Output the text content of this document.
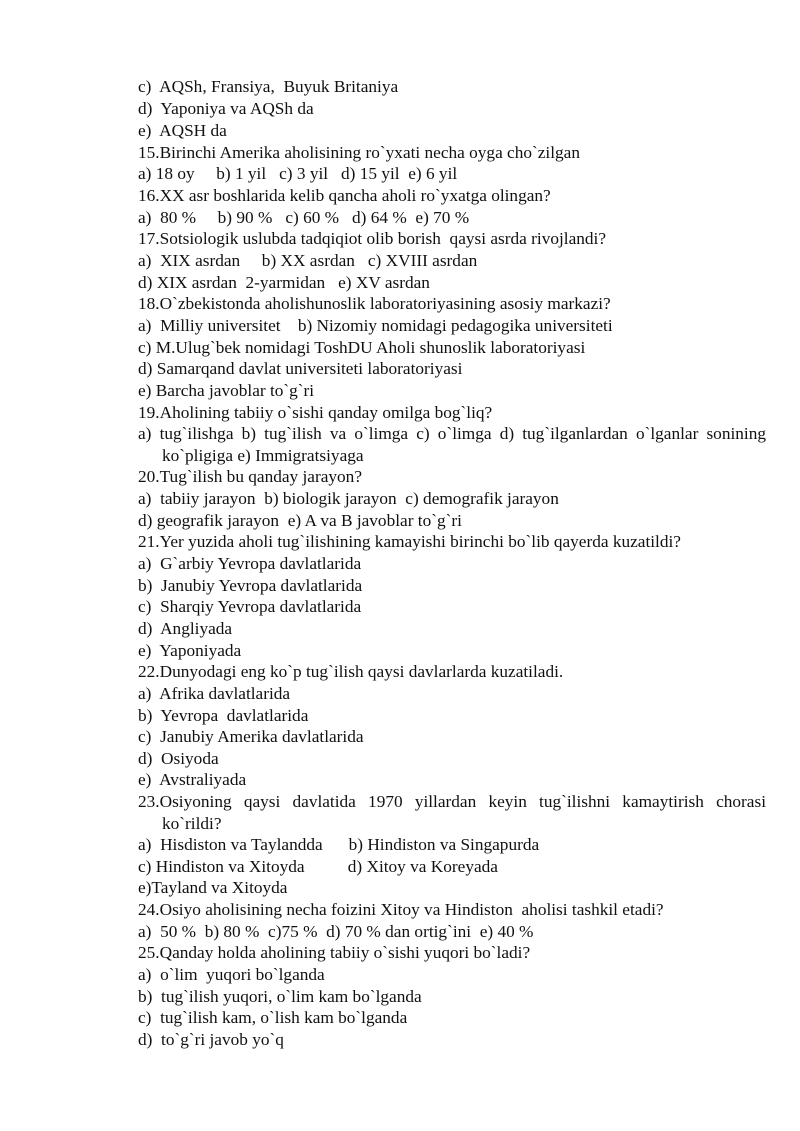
c)  AQSh, Fransiya,  Buyuk Britaniya

d)  Yaponiya va AQSh da

e)  AQSH da

15.Birinchi Amerika aholisining ro`yxati necha oyga cho`zilgan

a) 18 oy     b) 1 yil   c) 3 yil   d) 15 yil  e) 6 yil

16.XX asr boshlarida kelib qancha aholi ro`yxatga olingan?

a)  80 %     b) 90 %   c) 60 %   d) 64 %  e) 70 %

17.Sotsiologik uslubda tadqiqiot olib borish  qaysi asrda rivojlandi?

a)  XIX asrdan     b) XX asrdan   c) XVIII asrdan

d) XIX asrdan  2-yarmidan   e) XV asrdan

18.O`zbekistonda aholishunoslik laboratoriyasining asosiy markazi?

a)  Milliy universitet    b) Nizomiy nomidagi pedagogika universiteti

c) M.Ulug`bek nomidagi ToshDU Aholi shunoslik laboratoriyasi

d) Samarqand davlat universiteti laboratoriyasi

e) Barcha javoblar to`g`ri

19.Aholining tabiiy o`sishi qanday omilga bog`liq?

a) tug`ilishga b) tug`ilish va o`limga c) o`limga d) tug`ilganlardan o`lganlar sonining ko`pligiga e) Immigratsiyaga

20.Tug`ilish bu qanday jarayon?

a)  tabiiy jarayon  b) biologik jarayon  c) demografik jarayon

d) geografik jarayon  e) A va B javoblar to`g`ri

21.Yer yuzida aholi tug`ilishining kamayishi birinchi bo`lib qayerda kuzatildi?

a)  G`arbiy Yevropa davlatlarida

b)  Janubiy Yevropa davlatlarida

c)  Sharqiy Yevropa davlatlarida

d)  Angliyada

e)  Yaponiyada

22.Dunyodagi eng ko`p tug`ilish qaysi davlarlarda kuzatiladi.

a)  Afrika davlatlarida

b)  Yevropa  davlatlarida

c)  Janubiy Amerika davlatlarida

d)  Osiyoda

e)  Avstraliyada

23.Osiyoning qaysi davlatida 1970 yillardan keyin tug`ilishni kamaytirish chorasi ko`rildi?

a)  Hisdiston va Taylandda      b) Hindiston va Singapurda

c) Hindiston va Xitoyda          d) Xitoy va Koreyada

e)Tayland va Xitoyda

24.Osiyo aholisining necha foizini Xitoy va Hindiston  aholisi tashkil etadi?

a)  50 %  b) 80 %  c)75 %  d) 70 % dan ortig`ini  e) 40 %

25.Qanday holda aholining tabiiy o`sishi yuqori bo`ladi?

a)  o`lim  yuqori bo`lganda

b)  tug`ilish yuqori, o`lim kam bo`lganda

c)  tug`ilish kam, o`lish kam bo`lganda

d)  to`g`ri javob yo`q
